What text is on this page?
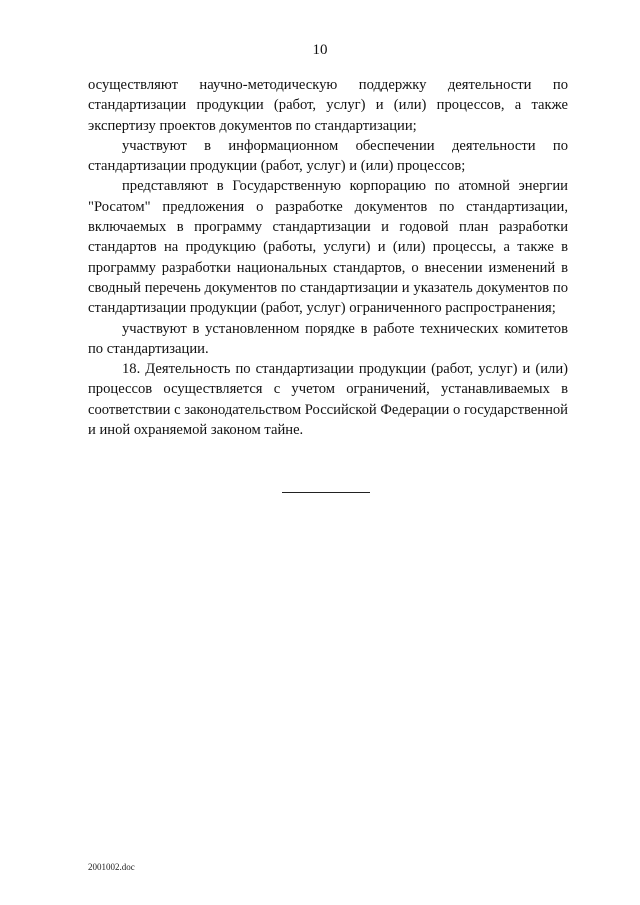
10

осуществляют научно-методическую поддержку деятельности по стандартизации продукции (работ, услуг) и (или) процессов, а также экспертизу проектов документов по стандартизации;

участвуют в информационном обеспечении деятельности по стандартизации продукции (работ, услуг) и (или) процессов;

представляют в Государственную корпорацию по атомной энергии "Росатом" предложения о разработке документов по стандартизации, включаемых в программу стандартизации и годовой план разработки стандартов на продукцию (работы, услуги) и (или) процессы, а также в программу разработки национальных стандартов, о внесении изменений в сводный перечень документов по стандартизации и указатель документов по стандартизации продукции (работ, услуг) ограниченного распространения;

участвуют в установленном порядке в работе технических комитетов по стандартизации.

18. Деятельность по стандартизации продукции (работ, услуг) и (или) процессов осуществляется с учетом ограничений, устанавливаемых в соответствии с законодательством Российской Федерации о государственной и иной охраняемой законом тайне.

2001002.doc
